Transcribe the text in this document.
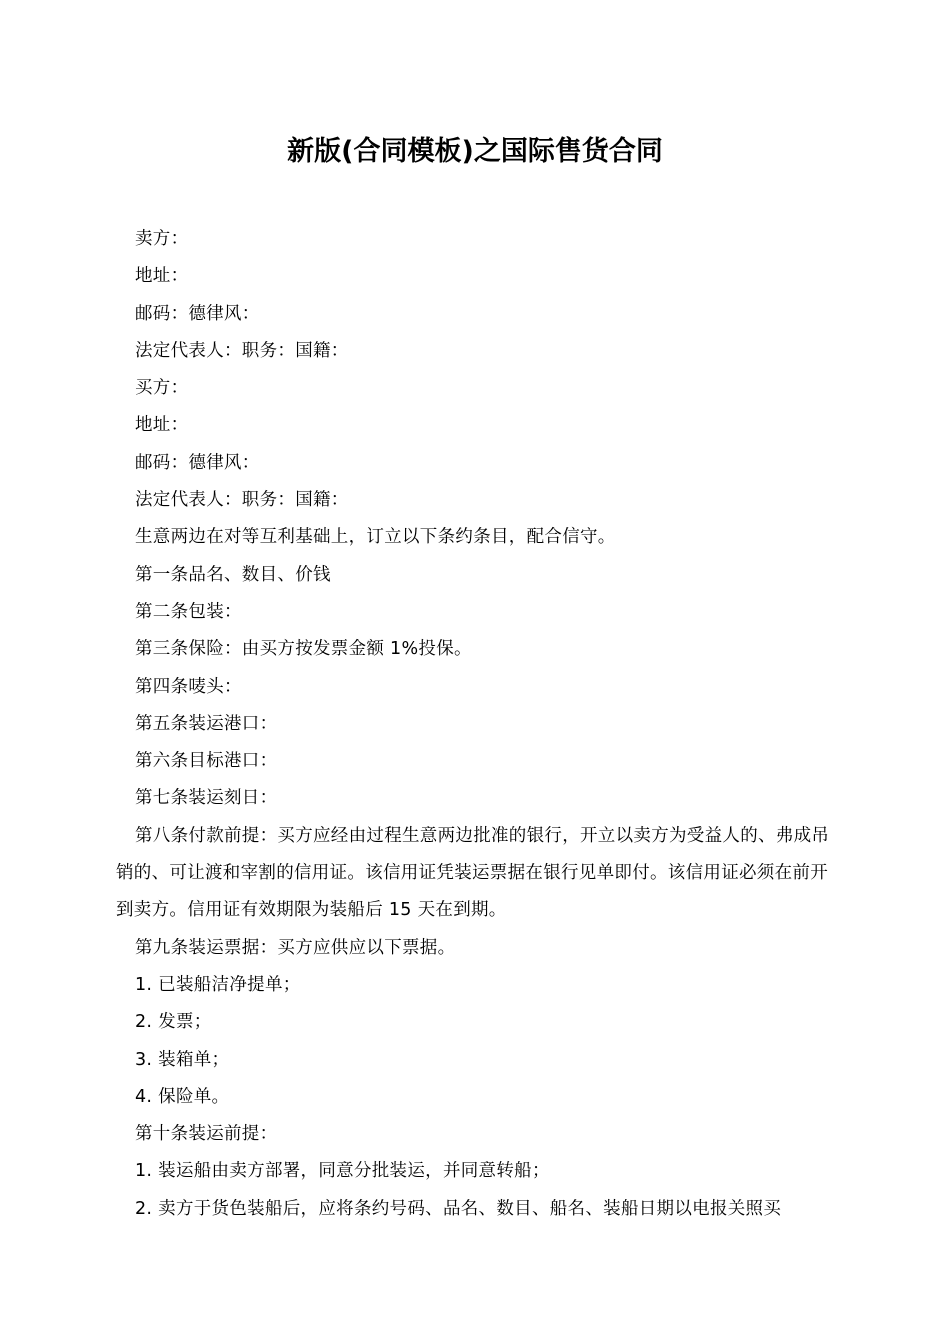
新版(合同模板)之国际售货合同

卖方：

地址：

邮码：德律风：

法定代表人：职务：国籍：

买方：

地址：

邮码：德律风：

法定代表人：职务：国籍：

生意两边在对等互利基础上，订立以下条约条目，配合信守。

第一条品名、数目、价钱

第二条包装：

第三条保险：由买方按发票金额 1%投保。

第四条唛头：

第五条装运港口：

第六条目标港口：

第七条装运刻日：

第八条付款前提：买方应经由过程生意两边批准的银行，开立以卖方为受益人的、弗成吊销的、可让渡和宰割的信用证。该信用证凭装运票据在银行见单即付。该信用证必须在前开到卖方。信用证有效期限为装船后 15 天在到期。

第九条装运票据：买方应供应以下票据。

1. 已装船洁净提单；

2. 发票；

3. 装箱单；

4. 保险单。

第十条装运前提：

1. 装运船由卖方部署，同意分批装运，并同意转船；

2. 卖方于货色装船后，应将条约号码、品名、数目、船名、装船日期以电报关照买
